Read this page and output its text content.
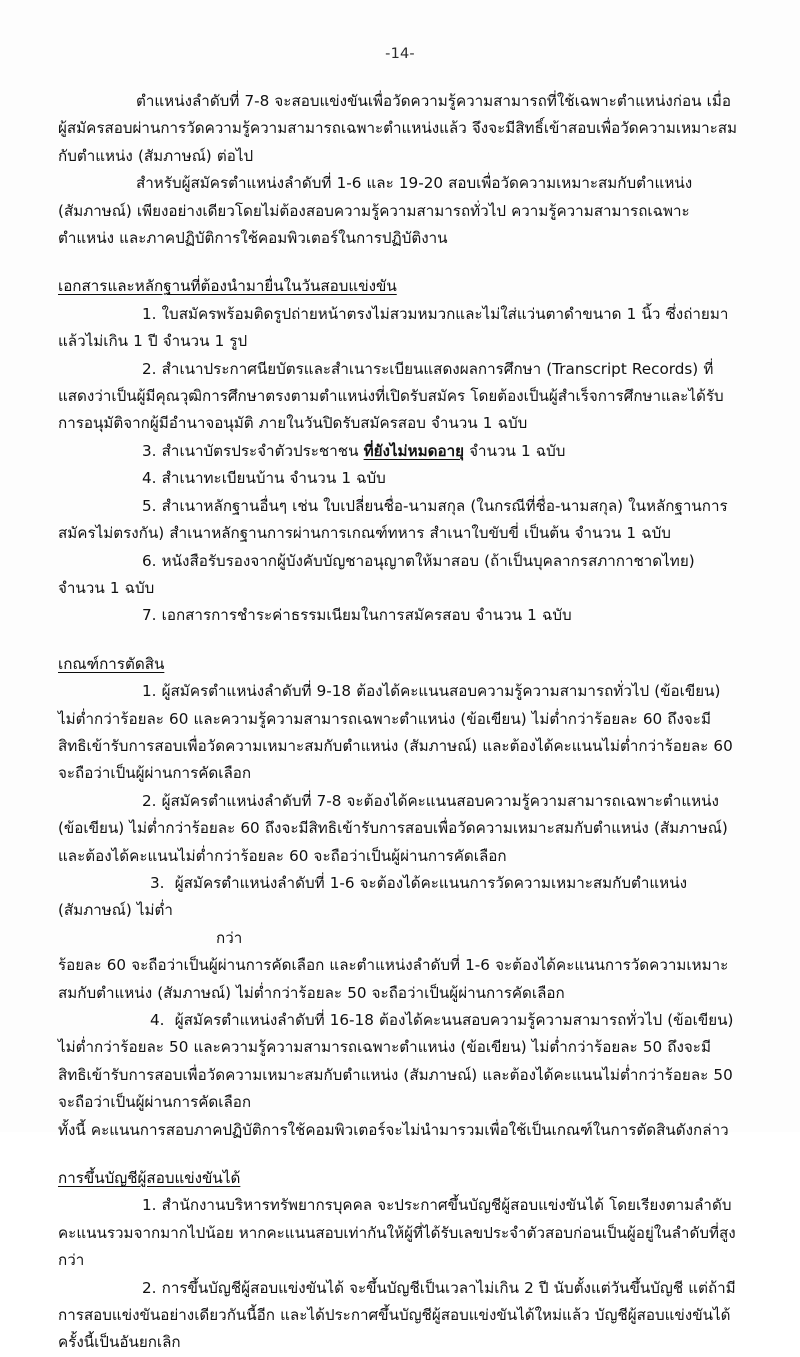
-14-

ตำแหน่งลำดับที่ 7-8 จะสอบแข่งขันเพื่อวัดความรู้ความสามารถที่ใช้เฉพาะตำแหน่งก่อน เมื่อผู้สมัครสอบผ่านการวัดความรู้ความสามารถเฉพาะตำแหน่งแล้ว จึงจะมีสิทธิ์เข้าสอบเพื่อวัดความเหมาะสมกับตำแหน่ง (สัมภาษณ์) ต่อไป

สำหรับผู้สมัครตำแหน่งลำดับที่ 1-6 และ 19-20 สอบเพื่อวัดความเหมาะสมกับตำแหน่ง (สัมภาษณ์) เพียงอย่างเดียวโดยไม่ต้องสอบความรู้ความสามารถทั่วไป ความรู้ความสามารถเฉพาะตำแหน่ง และภาคปฏิบัติการใช้คอมพิวเตอร์ในการปฏิบัติงาน

เอกสารและหลักฐานที่ต้องนำมายื่นในวันสอบแข่งขัน

1. ใบสมัครพร้อมติดรูปถ่ายหน้าตรงไม่สวมหมวกและไม่ใส่แว่นตาดำขนาด 1 นิ้ว ซึ่งถ่ายมาแล้วไม่เกิน 1 ปี จำนวน 1 รูป

2. สำเนาประกาศนียบัตรและสำเนาระเบียนแสดงผลการศึกษา (Transcript Records) ที่แสดงว่าเป็นผู้มีคุณวุฒิการศึกษาตรงตามตำแหน่งที่เปิดรับสมัคร โดยต้องเป็นผู้สำเร็จการศึกษาและได้รับการอนุมัติจากผู้มีอำนาจอนุมัติ ภายในวันปิดรับสมัครสอบ จำนวน 1 ฉบับ

3. สำเนาบัตรประจำตัวประชาชน ที่ยังไม่หมดอายุ จำนวน 1 ฉบับ

4. สำเนาทะเบียนบ้าน จำนวน 1 ฉบับ

5. สำเนาหลักฐานอื่นๆ เช่น ใบเปลี่ยนชื่อ-นามสกุล (ในกรณีที่ชื่อ-นามสกุล) ในหลักฐานการสมัครไม่ตรงกัน) สำเนาหลักฐานการผ่านการเกณฑ์ทหาร สำเนาใบขับขี่ เป็นต้น จำนวน 1 ฉบับ

6. หนังสือรับรองจากผู้บังคับบัญชาอนุญาตให้มาสอบ (ถ้าเป็นบุคลากรสภากาชาดไทย) จำนวน 1 ฉบับ

7. เอกสารการชำระค่าธรรมเนียมในการสมัครสอบ จำนวน 1 ฉบับ

เกณฑ์การตัดสิน

1. ผู้สมัครตำแหน่งลำดับที่ 9-18 ต้องได้คะแนนสอบความรู้ความสามารถทั่วไป (ข้อเขียน) ไม่ต่ำกว่าร้อยละ 60 และความรู้ความสามารถเฉพาะตำแหน่ง (ข้อเขียน) ไม่ต่ำกว่าร้อยละ 60 ถึงจะมีสิทธิเข้ารับการสอบเพื่อวัดความเหมาะสมกับตำแหน่ง (สัมภาษณ์) และต้องได้คะแนนไม่ต่ำกว่าร้อยละ 60 จะถือว่าเป็นผู้ผ่านการคัดเลือก

2. ผู้สมัครตำแหน่งลำดับที่ 7-8 จะต้องได้คะแนนสอบความรู้ความสามารถเฉพาะตำแหน่ง (ข้อเขียน) ไม่ต่ำกว่าร้อยละ 60 ถึงจะมีสิทธิเข้ารับการสอบเพื่อวัดความเหมาะสมกับตำแหน่ง (สัมภาษณ์) และต้องได้คะแนนไม่ต่ำกว่าร้อยละ 60 จะถือว่าเป็นผู้ผ่านการคัดเลือก

3. ผู้สมัครตำแหน่งลำดับที่ 1-6 จะต้องได้คะแนนการวัดความเหมาะสมกับตำแหน่ง (สัมภาษณ์) ไม่ต่ำ

กว่า

ร้อยละ 60 จะถือว่าเป็นผู้ผ่านการคัดเลือก และตำแหน่งลำดับที่ 1-6 จะต้องได้คะแนนการวัดความเหมาะสมกับตำแหน่ง (สัมภาษณ์) ไม่ต่ำกว่าร้อยละ 50 จะถือว่าเป็นผู้ผ่านการคัดเลือก

4. ผู้สมัครตำแหน่งลำดับที่ 16-18 ต้องได้คะนนสอบความรู้ความสามารถทั่วไป (ข้อเขียน) ไม่ต่ำกว่าร้อยละ 50 และความรู้ความสามารถเฉพาะตำแหน่ง (ข้อเขียน) ไม่ต่ำกว่าร้อยละ 50 ถึงจะมีสิทธิเข้ารับการสอบเพื่อวัดความเหมาะสมกับตำแหน่ง (สัมภาษณ์) และต้องได้คะแนนไม่ต่ำกว่าร้อยละ 50 จะถือว่าเป็นผู้ผ่านการคัดเลือก

ทั้งนี้ คะแนนการสอบภาคปฏิบัติการใช้คอมพิวเตอร์จะไม่นำมารวมเพื่อใช้เป็นเกณฑ์ในการตัดสินดังกล่าว

การขึ้นบัญชีผู้สอบแข่งขันได้

1. สำนักงานบริหารทรัพยากรบุคคล จะประกาศขึ้นบัญชีผู้สอบแข่งขันได้ โดยเรียงตามลำดับคะแนนรวมจากมากไปน้อย หากคะแนนสอบเท่ากันให้ผู้ที่ได้รับเลขประจำตัวสอบก่อนเป็นผู้อยู่ในลำดับที่สูงกว่า

2. การขึ้นบัญชีผู้สอบแข่งขันได้ จะขึ้นบัญชีเป็นเวลาไม่เกิน 2 ปี นับตั้งแต่วันขึ้นบัญชี แต่ถ้ามีการสอบแข่งขันอย่างเดียวกันนี้อีก และได้ประกาศขึ้นบัญชีผู้สอบแข่งขันได้ใหม่แล้ว บัญชีผู้สอบแข่งขันได้ครั้งนี้เป็นอันยกเลิก
